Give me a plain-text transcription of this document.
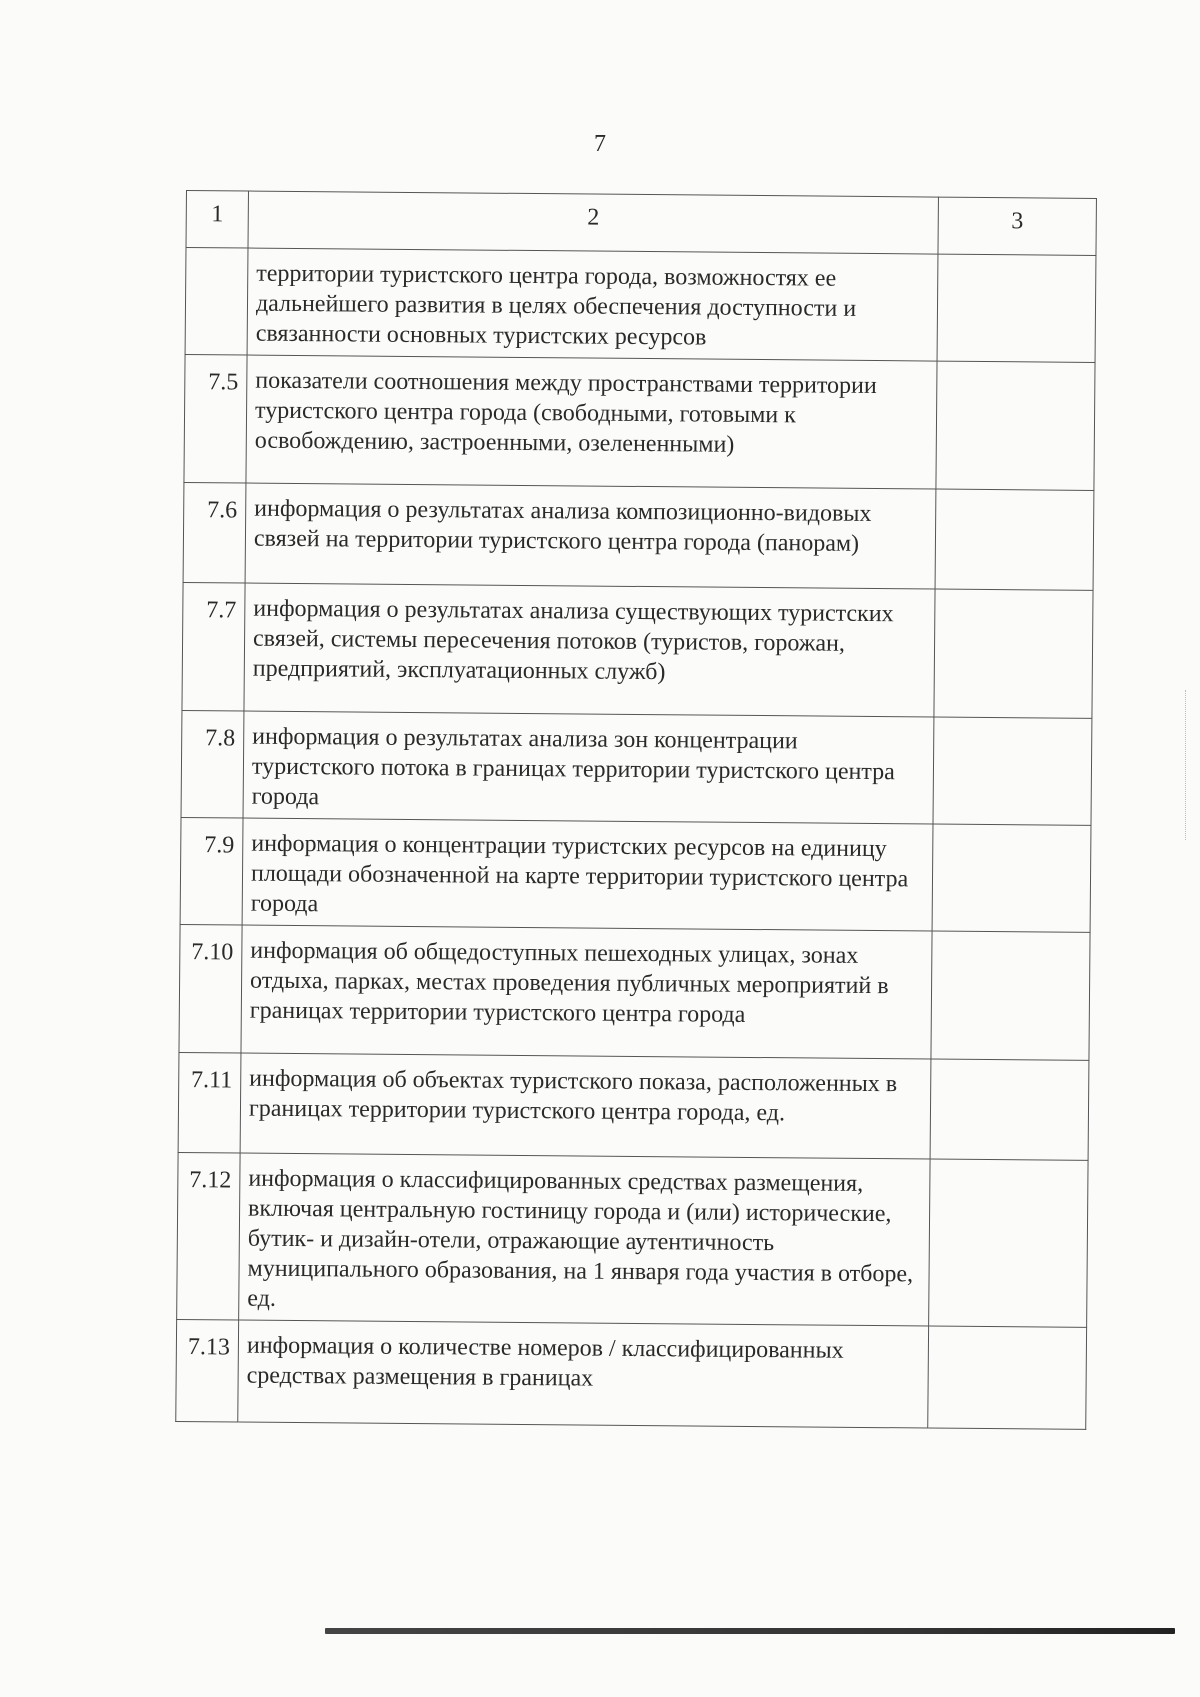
7
1	2	3
	территории туристского центра города, возможностях ее дальнейшего развития в целях обеспечения доступности и связанности основных туристских ресурсов	
7.5	показатели соотношения между пространствами территории туристского центра города (свободными, готовыми к освобождению, застроенными, озелененными)	
7.6	информация о результатах анализа композиционно-видовых связей на территории туристского центра города (панорам)	
7.7	информация о результатах анализа существующих туристских связей, системы пересечения потоков (туристов, горожан, предприятий, эксплуатационных служб)	
7.8	информация о результатах анализа зон концентрации туристского потока в границах территории туристского центра города	
7.9	информация о концентрации туристских ресурсов на единицу площади обозначенной на карте территории туристского центра города	
7.10	информация об общедоступных пешеходных улицах, зонах отдыха, парках, местах проведения публичных мероприятий в границах территории туристского центра города	
7.11	информация об объектах туристского показа, расположенных в границах территории туристского центра города, ед.	
7.12	информация о классифицированных средствах размещения, включая центральную гостиницу города и (или) исторические, бутик- и дизайн-отели, отражающие аутентичность муниципального образования, на 1 января года участия в отборе, ед.	
7.13	информация о количестве номеров / классифицированных средствах размещения в границах	
